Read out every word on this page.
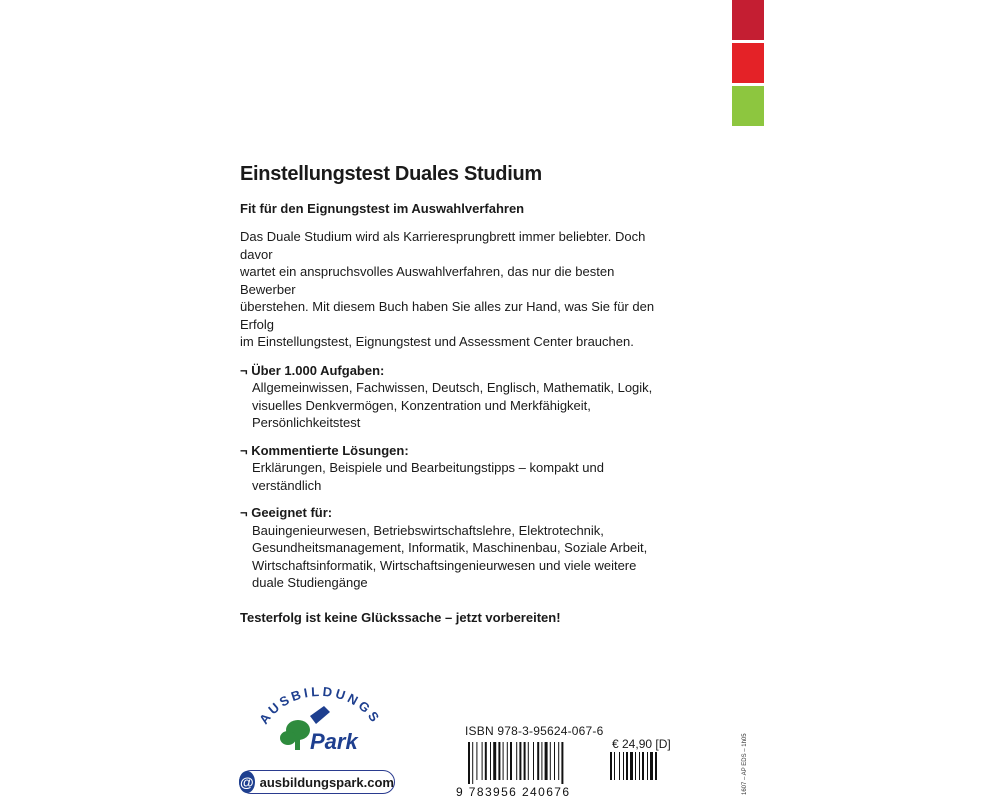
Einstellungstest Duales Studium
Fit für den Eignungstest im Auswahlverfahren
Das Duale Studium wird als Karrieresprungbrett immer beliebter. Doch davor
wartet ein anspruchsvolles Auswahlverfahren, das nur die besten Bewerber
überstehen. Mit diesem Buch haben Sie alles zur Hand, was Sie für den Erfolg
im Einstellungstest, Eignungstest und Assessment Center brauchen.
¬ Über 1.000 Aufgaben:
Allgemeinwissen, Fachwissen, Deutsch, Englisch, Mathematik, Logik,
visuelles Denkvermögen, Konzentration und Merkfähigkeit,
Persönlichkeitstest
¬ Kommentierte Lösungen:
Erklärungen, Beispiele und Bearbeitungstipps – kompakt und verständlich
¬ Geeignet für:
Bauingenieurwesen, Betriebswirtschaftslehre, Elektrotechnik,
Gesundheitsmanagement, Informatik, Maschinenbau, Soziale Arbeit,
Wirtschaftsinformatik, Wirtschaftsingenieurwesen und viele weitere
duale Studiengänge
Testerfolg ist keine Glückssache – jetzt vorbereiten!
AUSBILDUNGS
Park
@ ausbildungspark.com
ISBN 978-3-95624-067-6
9 783956 240676
€ 24,90 [D]	1607 – AP EDS – 1h05
